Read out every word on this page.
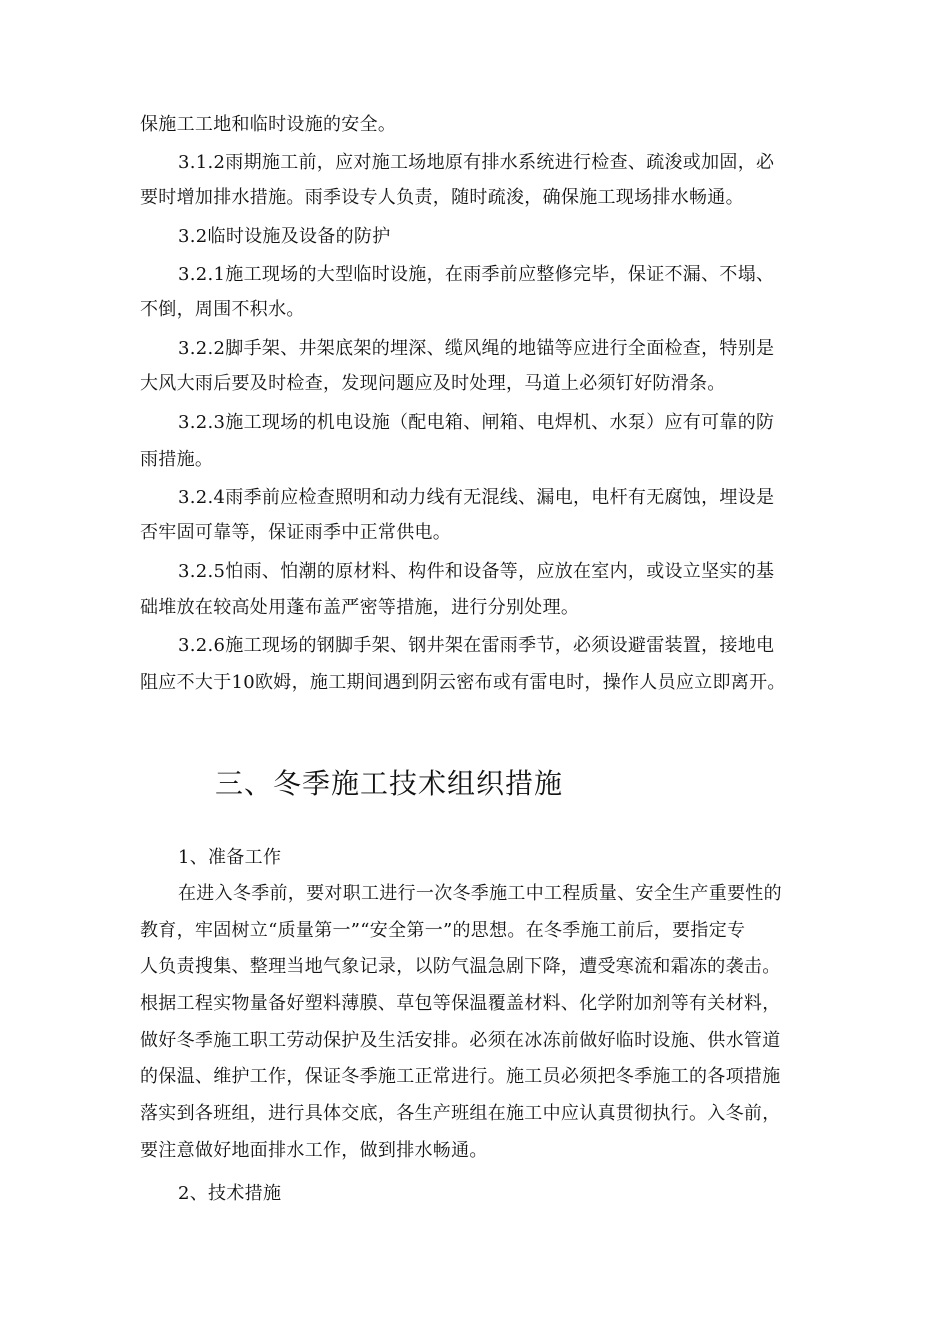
保施工工地和临时设施的安全。
3.1.2雨期施工前，应对施工场地原有排水系统进行检查、疏浚或加固，必
要时增加排水措施。雨季设专人负责，随时疏浚，确保施工现场排水畅通。
3.2临时设施及设备的防护
3.2.1施工现场的大型临时设施，在雨季前应整修完毕，保证不漏、不塌、
不倒，周围不积水。
3.2.2脚手架、井架底架的埋深、缆风绳的地锚等应进行全面检查，特别是
大风大雨后要及时检查，发现问题应及时处理，马道上必须钉好防滑条。
3.2.3施工现场的机电设施（配电箱、闸箱、电焊机、水泵）应有可靠的防
雨措施。
3.2.4雨季前应检查照明和动力线有无混线、漏电，电杆有无腐蚀，埋设是
否牢固可靠等，保证雨季中正常供电。
3.2.5怕雨、怕潮的原材料、构件和设备等，应放在室内，或设立坚实的基
础堆放在较高处用蓬布盖严密等措施，进行分别处理。
3.2.6施工现场的钢脚手架、钢井架在雷雨季节，必须设避雷装置，接地电
阻应不大于10欧姆，施工期间遇到阴云密布或有雷电时，操作人员应立即离开。
三、冬季施工技术组织措施
1、准备工作
在进入冬季前，要对职工进行一次冬季施工中工程质量、安全生产重要性的
教育，牢固树立“质量第一”“安全第一”的思想。在冬季施工前后，要指定专
人负责搜集、整理当地气象记录，以防气温急剧下降，遭受寒流和霜冻的袭击。
根据工程实物量备好塑料薄膜、草包等保温覆盖材料、化学附加剂等有关材料，
做好冬季施工职工劳动保护及生活安排。必须在冰冻前做好临时设施、供水管道
的保温、维护工作，保证冬季施工正常进行。施工员必须把冬季施工的各项措施
落实到各班组，进行具体交底，各生产班组在施工中应认真贯彻执行。入冬前，
要注意做好地面排水工作，做到排水畅通。
2、技术措施
